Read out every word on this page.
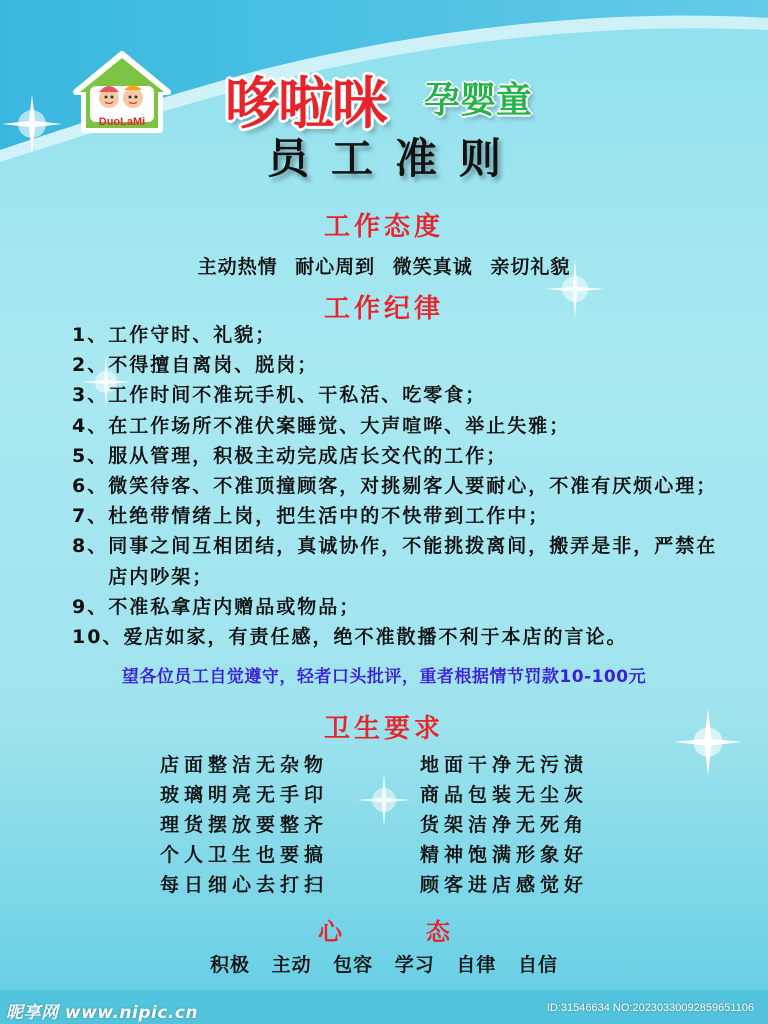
DuoLaMi 哆啦咪 孕婴童
员工准则
工作态度
主动热情 耐心周到 微笑真诚 亲切礼貌
工作纪律
1、 工作守时、礼貌；
2、 不得擅自离岗、脱岗；
3、 工作时间不准玩手机、干私活、吃零食；
4、 在工作场所不准伏案睡觉、大声喧哗、举止失雅；
5、 服从管理，积极主动完成店长交代的工作；
6、 微笑待客、不准顶撞顾客，对挑剔客人要耐心，不准有厌烦心理；
7、 杜绝带情绪上岗，把生活中的不快带到工作中；
8、 同事之间互相团结，真诚协作，不能挑拨离间，搬弄是非，严禁在店内吵架；
9、 不准私拿店内赠品或物品；
10、 爱店如家，有责任感，绝不准散播不利于本店的言论。
望各位员工自觉遵守，轻者口头批评，重者根据情节罚款10-100元
卫生要求
店面整洁无杂物	地面干净无污渍
玻璃明亮无手印	商品包装无尘灰
理货摆放要整齐	货架洁净无死角
个人卫生也要搞	精神饱满形象好
每日细心去打扫	顾客进店感觉好
心	态
积极 主动 包容 学习 自律 自信
昵享网 www.nipic.cn	ID:31546634 NO:20230330092859651106
